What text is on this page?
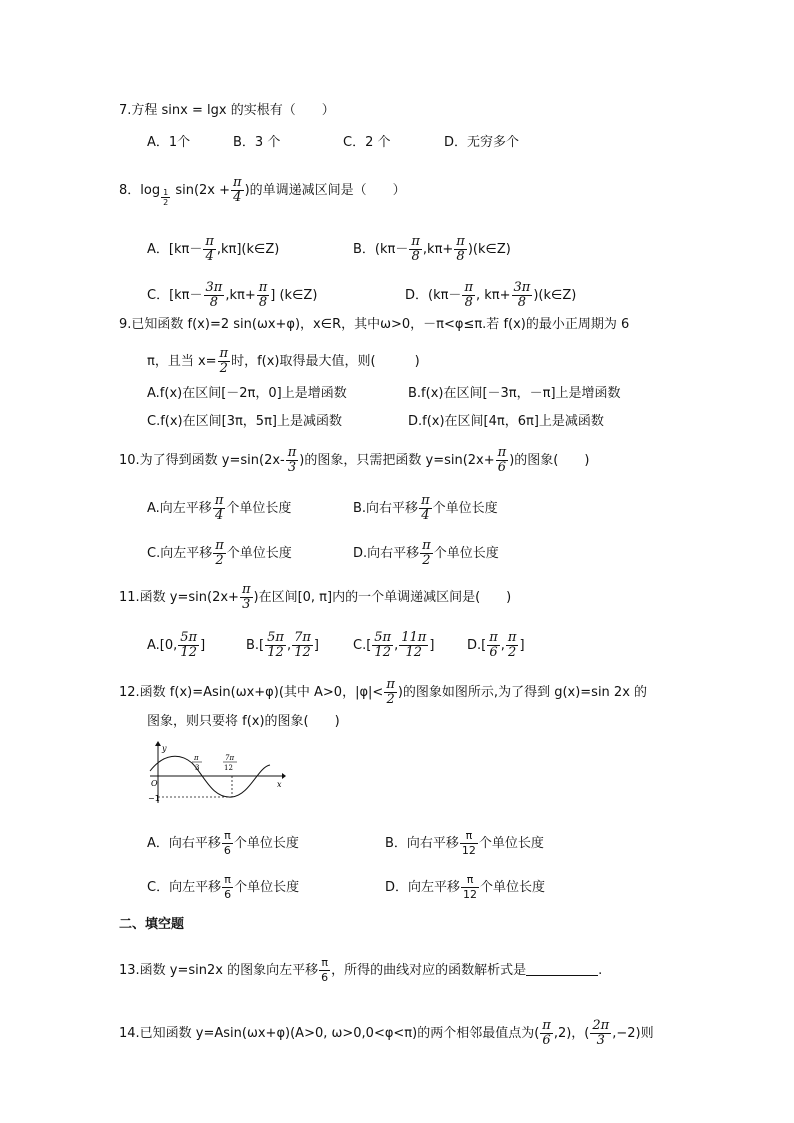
7.方程 sinx = lgx 的实根有（　　）
A．1个	B．3 个	C．2 个	D．无穷多个
8．log $_{\frac{1}{2}}$ $\sin(2x + \frac{\pi}{4}$ )的单调递减区间是（　　）
A．[$k\pi- \frac{\pi}{4}$ ,kπ](k∈Z)	B．($k\pi- \frac{\pi}{8} ,k\pi+ \frac{\pi}{8}$ )(k∈Z)
C．[$k\pi- \frac{3\pi}{8} ,k\pi+ \frac{\pi}{8}$ ] (k∈Z)	D．($k\pi- \frac{\pi}{8}$ , $k\pi+ \frac{3\pi}{8}$ )(k∈Z)
9.已知函数 f(x)=2 sin(ωx+φ)，x∈R，其中ω>0，－π<φ≤π.若 f(x)的最小正周期为 6
π，且当 $x= \frac{\pi}{2}$ 时，f(x)取得最大值，则(　　　)
A.f(x)在区间[－2π，0]上是增函数	B.f(x)在区间[－3π，－π]上是增函数
C.f(x)在区间[3π，5π]上是减函数	D.f(x)在区间[4π，6π]上是减函数
10.为了得到函数 $y=\sin(2x- \frac{\pi}{3}$ )的图象，只需把函数 $y=\sin(2x+ \frac{\pi}{6}$ )的图象(　　)
A.向左平移 $\frac{\pi}{4}$ 个单位长度	B.向右平移 $\frac{\pi}{4}$ 个单位长度
C.向左平移 $\frac{\pi}{2}$ 个单位长度	D.向右平移 $\frac{\pi}{2}$ 个单位长度
11.函数 $y=\sin(2x+ \frac{\pi}{3}$ )在区间[0, π]内的一个单调递减区间是(　　)
A.[0, $\frac{5\pi}{12}$ ]	$B.[ \frac{5\pi}{12}$ , $\frac{7\pi}{12}$ ]	$C.[ \frac{5\pi}{12}$ , $\frac{11\pi}{12}$ ]	$D.[ \frac{\pi}{6}$ , $\frac{\pi}{2}$ ]
12.函数 f(x)=Asin(ωx+φ)(其中 A>0，$|\varphi|< \frac{\pi}{2}$ )的图象如图所示,为了得到 g(x)=sin 2x 的
图象，则只要将 f(x)的图象(　　)
y
x
O
−1
π
3
7π
12
A．向右平移 $\frac{\pi}{6}$ 个单位长度	B．向右平移 $\frac{\pi}{12}$ 个单位长度
C．向左平移 $\frac{\pi}{6}$ 个单位长度	D．向左平移 $\frac{\pi}{12}$ 个单位长度
二、填空题
13.函数 y=sin2x 的图象向左平移 $\frac{\pi}{6}$ ，所得的曲线对应的函数解析式是	.
14.已知函数 y=Asin(ωx+φ)(A>0, ω>0,0<φ<π)的两个相邻最值点为( $\frac{\pi}{6} ,2$)，( $\frac{2\pi}{3} ,-2$)则
